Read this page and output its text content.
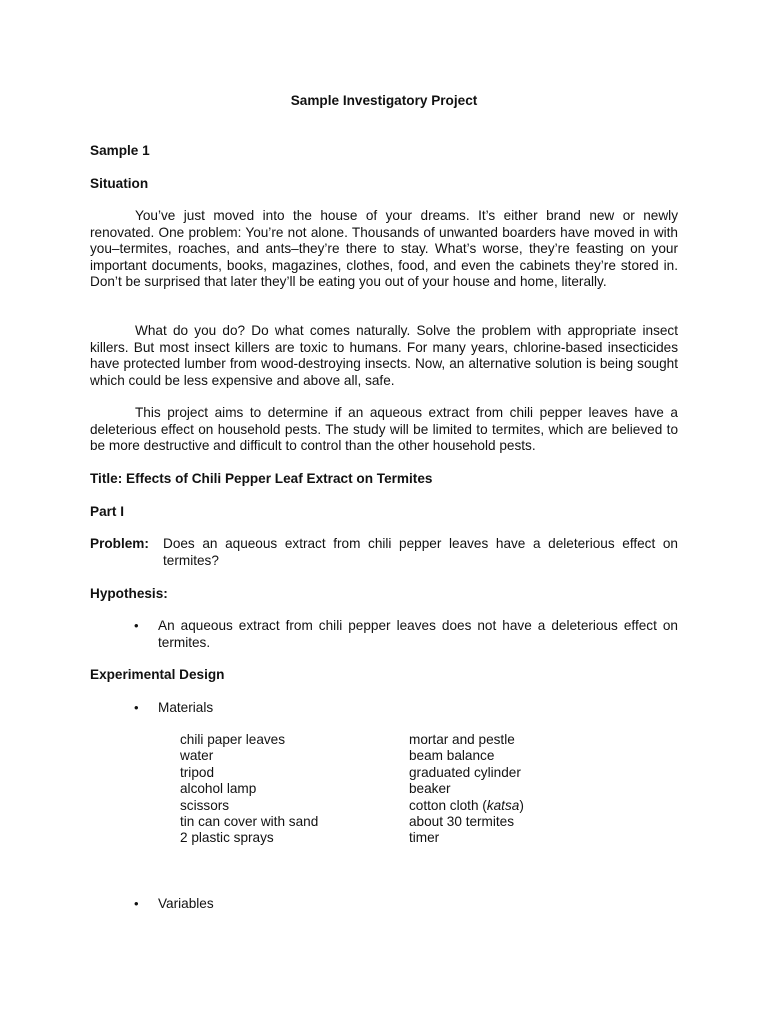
Sample Investigatory Project
Sample 1
Situation

You’ve just moved into the house of your dreams. It’s either brand new or newly renovated. One problem: You’re not alone. Thousands of unwanted boarders have moved in with you–termites, roaches, and ants–they’re there to stay. What’s worse, they’re feasting on your important documents, books, magazines, clothes, food, and even the cabinets they’re stored in. Don’t be surprised that later they’ll be eating you out of your house and home, literally.

What do you do? Do what comes naturally. Solve the problem with appropriate insect killers. But most insect killers are toxic to humans. For many years, chlorine-based insecticides have protected lumber from wood-destroying insects. Now, an alternative solution is being sought which could be less expensive and above all, safe.

This project aims to determine if an aqueous extract from chili pepper leaves have a deleterious effect on household pests. The study will be limited to termites, which are believed to be more destructive and difficult to control than the other household pests.

Title: Effects of Chili Pepper Leaf Extract on Termites
Part I
Problem: Does an aqueous extract from chili pepper leaves have a deleterious effect on termites?
Hypothesis:
• An aqueous extract from chili pepper leaves does not have a deleterious effect on termites.
Experimental Design
• Materials
chili paper leaves
water
tripod
alcohol lamp
scissors
tin can cover with sand
2 plastic sprays
mortar and pestle
beam balance
graduated cylinder
beaker
cotton cloth (katsa)
about 30 termites
timer
• Variables
